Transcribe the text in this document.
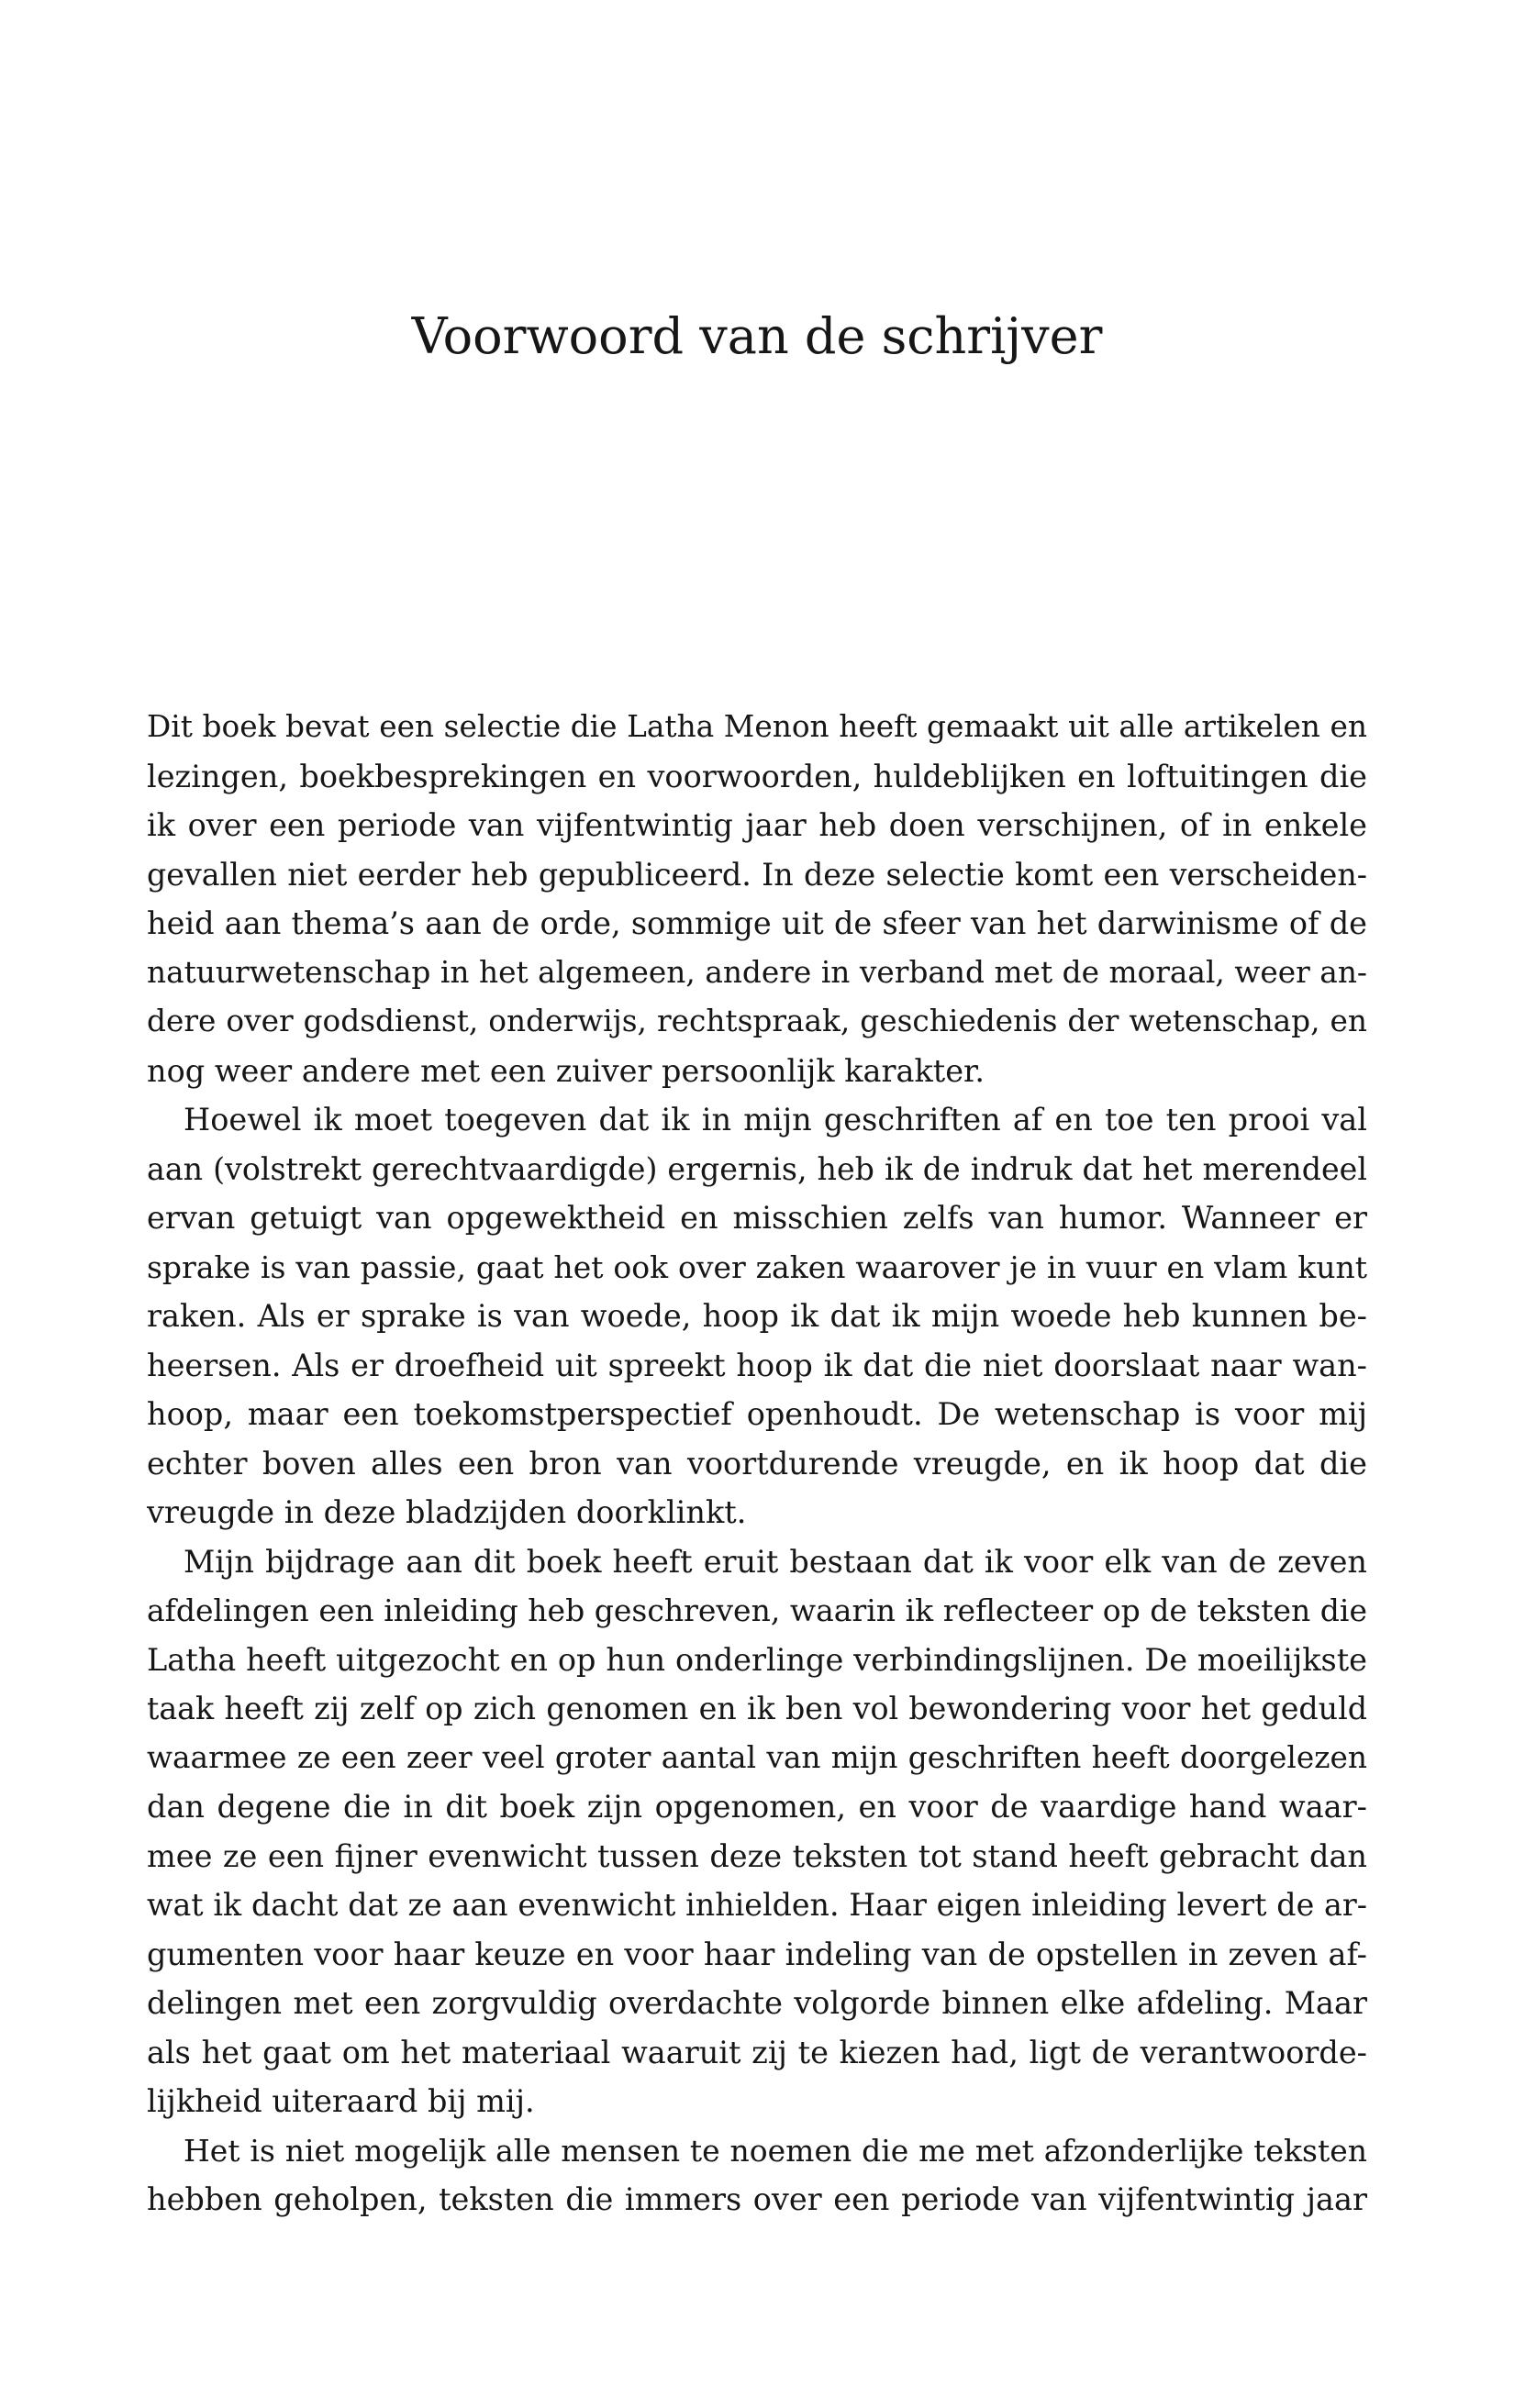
Voorwoord van de schrijver
Dit boek bevat een selectie die Latha Menon heeft gemaakt uit alle artikelen en
lezingen, boekbesprekingen en voorwoorden, huldeblijken en loftuitingen die
ik over een periode van vijfentwintig jaar heb doen verschijnen, of in enkele
gevallen niet eerder heb gepubliceerd. In deze selectie komt een verscheiden-
heid aan thema’s aan de orde, sommige uit de sfeer van het darwinisme of de
natuurwetenschap in het algemeen, andere in verband met de moraal, weer an-
dere over godsdienst, onderwijs, rechtspraak, geschiedenis der wetenschap, en
nog weer andere met een zuiver persoonlijk karakter.
Hoewel ik moet toegeven dat ik in mijn geschriften af en toe ten prooi val
aan (volstrekt gerechtvaardigde) ergernis, heb ik de indruk dat het merendeel
ervan getuigt van opgewektheid en misschien zelfs van humor. Wanneer er
sprake is van passie, gaat het ook over zaken waarover je in vuur en vlam kunt
raken. Als er sprake is van woede, hoop ik dat ik mijn woede heb kunnen be-
heersen. Als er droefheid uit spreekt hoop ik dat die niet doorslaat naar wan-
hoop, maar een toekomstperspectief openhoudt. De wetenschap is voor mij
echter boven alles een bron van voortdurende vreugde, en ik hoop dat die
vreugde in deze bladzijden doorklinkt.
Mijn bijdrage aan dit boek heeft eruit bestaan dat ik voor elk van de zeven
afdelingen een inleiding heb geschreven, waarin ik reflecteer op de teksten die
Latha heeft uitgezocht en op hun onderlinge verbindingslijnen. De moeilijkste
taak heeft zij zelf op zich genomen en ik ben vol bewondering voor het geduld
waarmee ze een zeer veel groter aantal van mijn geschriften heeft doorgelezen
dan degene die in dit boek zijn opgenomen, en voor de vaardige hand waar-
mee ze een fijner evenwicht tussen deze teksten tot stand heeft gebracht dan
wat ik dacht dat ze aan evenwicht inhielden. Haar eigen inleiding levert de ar-
gumenten voor haar keuze en voor haar indeling van de opstellen in zeven af-
delingen met een zorgvuldig overdachte volgorde binnen elke afdeling. Maar
als het gaat om het materiaal waaruit zij te kiezen had, ligt de verantwoorde-
lijkheid uiteraard bij mij.
Het is niet mogelijk alle mensen te noemen die me met afzonderlijke teksten
hebben geholpen, teksten die immers over een periode van vijfentwintig jaar
